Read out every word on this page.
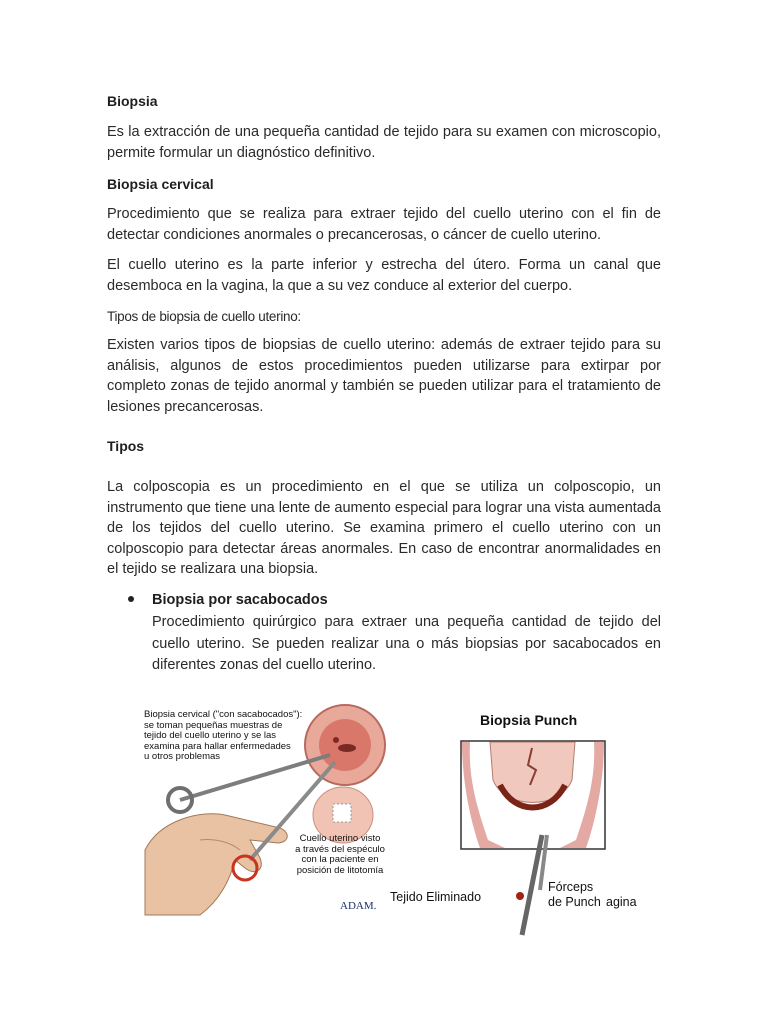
Biopsia
Es la extracción de una pequeña cantidad de tejido para su examen con microscopio, permite formular un diagnóstico definitivo.
Biopsia cervical
Procedimiento que se realiza para extraer tejido del cuello uterino con el fin de detectar condiciones anormales o precancerosas, o cáncer de cuello uterino.
El cuello uterino es la parte inferior y estrecha del útero. Forma un canal que desemboca en la vagina, la que a su vez conduce al exterior del cuerpo.
Tipos de biopsia de cuello uterino:
Existen varios tipos de biopsias de cuello uterino: además de extraer tejido para su análisis, algunos de estos procedimientos pueden utilizarse para extirpar por completo zonas de tejido anormal y también se pueden utilizar para el tratamiento de lesiones precancerosas.
Tipos
La colposcopia es un procedimiento en el que se utiliza un colposcopio, un instrumento que tiene una lente de aumento especial para lograr una vista aumentada de los tejidos del cuello uterino. Se examina primero el cuello uterino con un colposcopio para detectar áreas anormales. En caso de encontrar anormalidades en el tejido se realizara una biopsia.
Biopsia por sacabocados
Procedimiento quirúrgico para extraer una pequeña cantidad de tejido del cuello uterino. Se pueden realizar una o más biopsias por sacabocados en diferentes zonas del cuello uterino.
Biopsia cervical ("con sacabocados"):
se toman pequeñas muestras de
tejido del cuello uterino y se las
examina para hallar enfermedades
u otros problemas
Cuello uterino visto
a través del espéculo
con la paciente en
posición de litotomía
ADAM.
Biopsia Punch
Tejido Eliminado
Fórceps
de Punch agina
